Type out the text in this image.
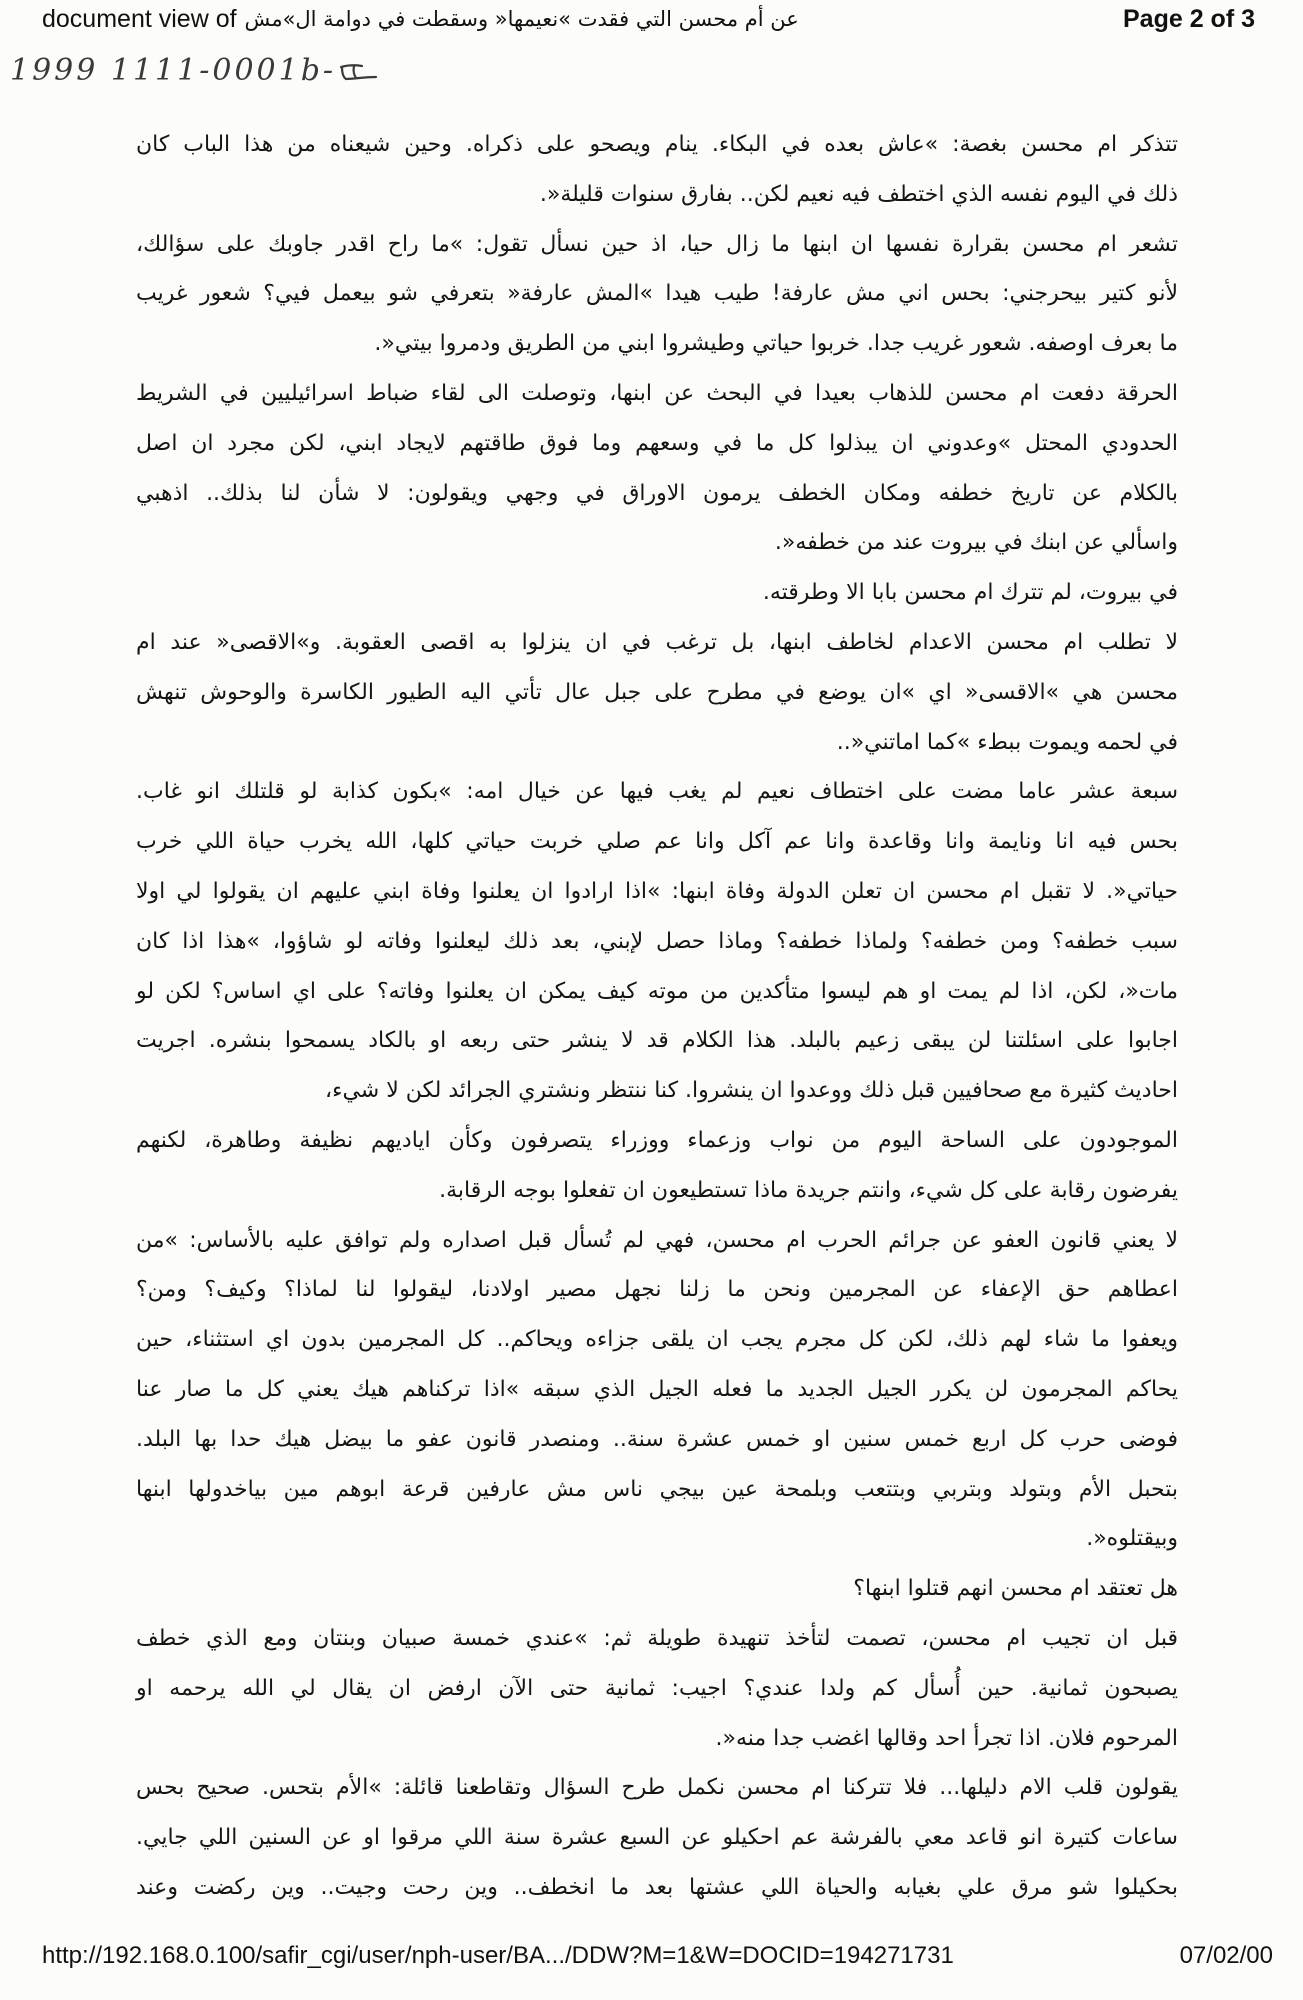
document view of عن أم محسن التي فقدت »نعيمها« وسقطت في دوامة ال»مش	Page 2 of 3
1999 1111-0001b-
تتذكر ام محسن بغصة: »عاش بعده في البكاء. ينام ويصحو على ذكراه. وحين شيعناه من هذا الباب كان
ذلك في اليوم نفسه الذي اختطف فيه نعيم لكن.. بفارق سنوات قليلة«.
تشعر ام محسن بقرارة نفسها ان ابنها ما زال حيا، اذ حين نسأل تقول: »ما راح اقدر جاوبك على سؤالك،
لأنو كتير بيحرجني: بحس اني مش عارفة! طيب هيدا »المش عارفة« بتعرفي شو بيعمل فيي؟ شعور غريب
ما بعرف اوصفه. شعور غريب جدا. خربوا حياتي وطيشروا ابني من الطريق ودمروا بيتي«.
الحرقة دفعت ام محسن للذهاب بعيدا في البحث عن ابنها، وتوصلت الى لقاء ضباط اسرائيليين في الشريط
الحدودي المحتل »وعدوني ان يبذلوا كل ما في وسعهم وما فوق طاقتهم لايجاد ابني، لكن مجرد ان اصل
بالكلام عن تاريخ خطفه ومكان الخطف يرمون الاوراق في وجهي ويقولون: لا شأن لنا بذلك.. اذهبي
واسألي عن ابنك في بيروت عند من خطفه«.
في بيروت، لم تترك ام محسن بابا الا وطرقته.
لا تطلب ام محسن الاعدام لخاطف ابنها، بل ترغب في ان ينزلوا به اقصى العقوبة. و»الاقصى« عند ام
محسن هي »الاقسى« اي »ان يوضع في مطرح على جبل عال تأتي اليه الطيور الكاسرة والوحوش تنهش
في لحمه ويموت ببطء »كما اماتني«..
سبعة عشر عاما مضت على اختطاف نعيم لم يغب فيها عن خيال امه: »بكون كذابة لو قلتلك انو غاب.
بحس فيه انا ونايمة وانا وقاعدة وانا عم آكل وانا عم صلي خربت حياتي كلها، الله يخرب حياة اللي خرب
حياتي«. لا تقبل ام محسن ان تعلن الدولة وفاة ابنها: »اذا ارادوا ان يعلنوا وفاة ابني عليهم ان يقولوا لي اولا
سبب خطفه؟ ومن خطفه؟ ولماذا خطفه؟ وماذا حصل لإبني، بعد ذلك ليعلنوا وفاته لو شاؤوا، »هذا اذا كان
مات«، لكن، اذا لم يمت او هم ليسوا متأكدين من موته كيف يمكن ان يعلنوا وفاته؟ على اي اساس؟ لكن لو
اجابوا على اسئلتنا لن يبقى زعيم بالبلد. هذا الكلام قد لا ينشر حتى ربعه او بالكاد يسمحوا بنشره. اجريت
احاديث كثيرة مع صحافيين قبل ذلك ووعدوا ان ينشروا. كنا ننتظر ونشتري الجرائد لكن لا شيء،
الموجودون على الساحة اليوم من نواب وزعماء ووزراء يتصرفون وكأن اياديهم نظيفة وطاهرة، لكنهم
يفرضون رقابة على كل شيء، وانتم جريدة ماذا تستطيعون ان تفعلوا بوجه الرقابة.
لا يعني قانون العفو عن جرائم الحرب ام محسن، فهي لم تُسأل قبل اصداره ولم توافق عليه بالأساس: »من
اعطاهم حق الإعفاء عن المجرمين ونحن ما زلنا نجهل مصير اولادنا، ليقولوا لنا لماذا؟ وكيف؟ ومن؟
ويعفوا ما شاء لهم ذلك، لكن كل مجرم يجب ان يلقى جزاءه ويحاكم.. كل المجرمين بدون اي استثناء، حين
يحاكم المجرمون لن يكرر الجيل الجديد ما فعله الجيل الذي سبقه »اذا تركناهم هيك يعني كل ما صار عنا
فوضى حرب كل اربع خمس سنين او خمس عشرة سنة.. ومنصدر قانون عفو ما بيضل هيك حدا بها البلد.
بتحبل الأم وبتولد وبتربي وبتتعب وبلمحة عين بيجي ناس مش عارفين قرعة ابوهم مين بياخدولها ابنها
وبيقتلوه«.
هل تعتقد ام محسن انهم قتلوا ابنها؟
قبل ان تجيب ام محسن، تصمت لتأخذ تنهيدة طويلة ثم: »عندي خمسة صبيان وبنتان ومع الذي خطف
يصبحون ثمانية. حين أُسأل كم ولدا عندي؟ اجيب: ثمانية حتى الآن ارفض ان يقال لي الله يرحمه او
المرحوم فلان. اذا تجرأ احد وقالها اغضب جدا منه«.
يقولون قلب الام دليلها... فلا تتركنا ام محسن نكمل طرح السؤال وتقاطعنا قائلة: »الأم بتحس. صحيح بحس
ساعات كتيرة انو قاعد معي بالفرشة عم احكيلو عن السبع عشرة سنة اللي مرقوا او عن السنين اللي جايي.
بحكيلوا شو مرق علي بغيابه والحياة اللي عشتها بعد ما انخطف.. وين رحت وجيت.. وين ركضت وعند
http://192.168.0.100/safir_cgi/user/nph-user/BA.../DDW?M=1&W=DOCID=194271731	07/02/00
